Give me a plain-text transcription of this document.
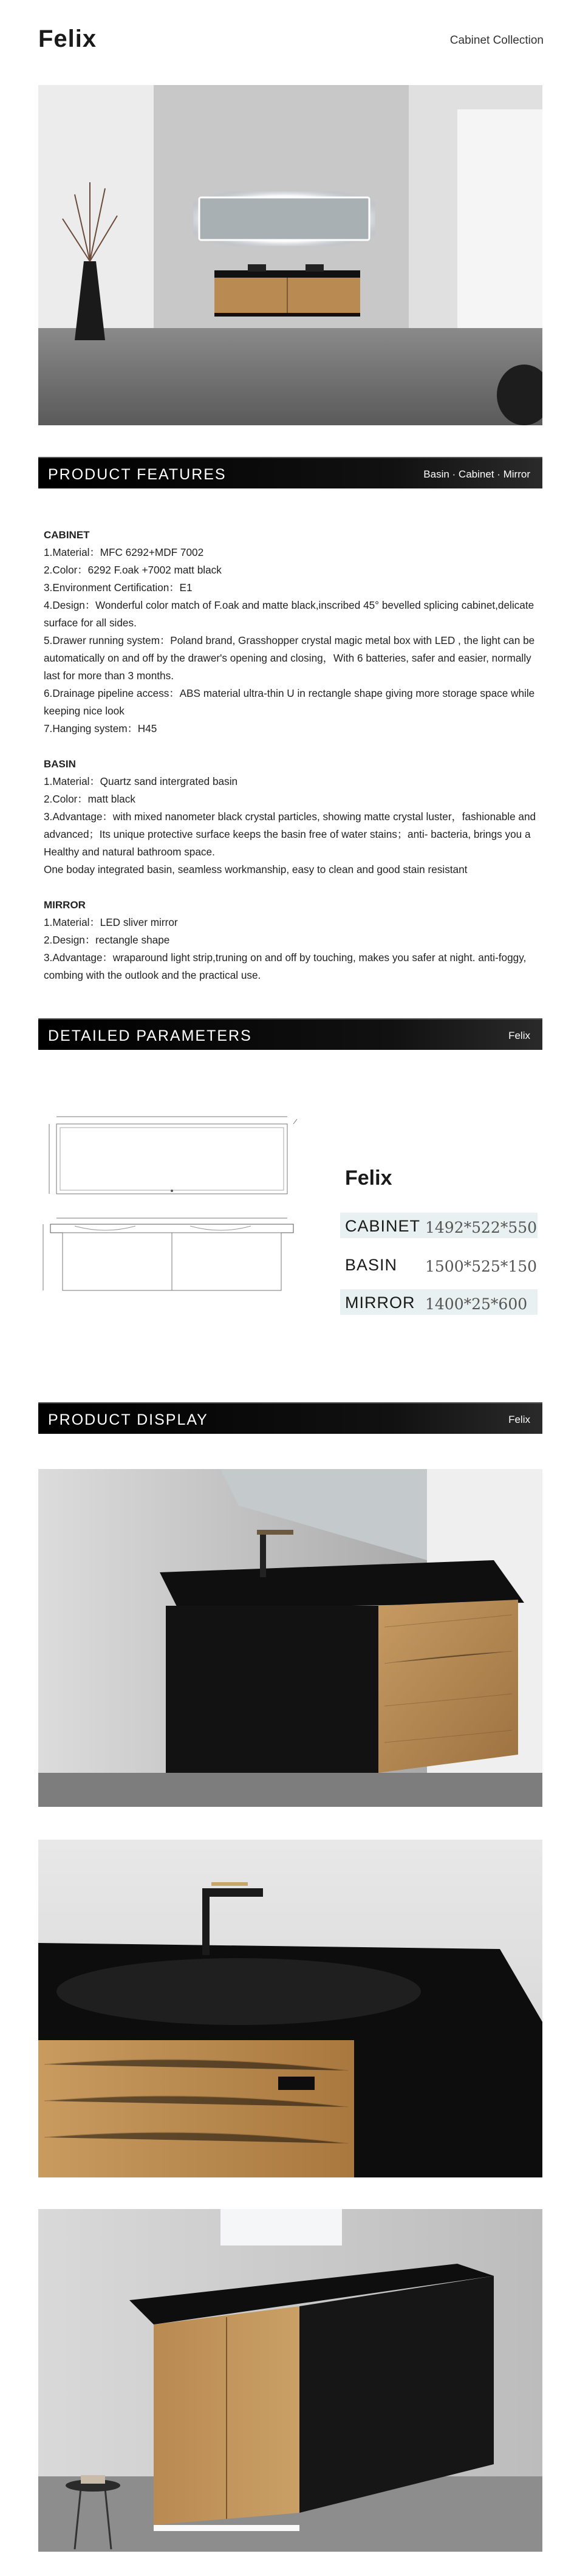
Felix	Cabinet Collection
PRODUCT FEATURES	Basin · Cabinet · Mirror
CABINET

1.Material：MFC 6292+MDF 7002

2.Color：6292 F.oak +7002 matt black

3.Environment Certification：E1

4.Design：Wonderful color match of F.oak and matte black,inscribed 45° bevelled splicing cabinet,delicate surface for all sides.

5.Drawer running system：Poland brand, Grasshopper crystal magic metal box with LED , the light can be automatically on and off by the drawer's opening and closing，With 6 batteries, safer and easier, normally last for more than 3 months.

6.Drainage pipeline access：ABS material ultra-thin U in rectangle shape giving more storage space while keeping nice look

7.Hanging system：H45

BASIN

1.Material：Quartz sand intergrated basin

2.Color：matt black

3.Advantage：with mixed nanometer black crystal particles, showing matte crystal luster，fashionable and advanced；Its unique protective surface keeps the basin free of water stains；anti- bacteria, brings you a Healthy and natural bathroom space.

One boday integrated basin, seamless workmanship, easy to clean and good stain resistant

MIRROR

1.Material：LED sliver mirror

2.Design：rectangle shape

3.Advantage：wraparound light strip,truning on and off by touching, makes you safer at night. anti-foggy, combing with the outlook and the practical use.

DETAILED PARAMETERS	Felix
Felix
CABINET 1492*522*550
BASIN 1500*525*150
MIRROR 1400*25*600
PRODUCT DISPLAY	Felix
